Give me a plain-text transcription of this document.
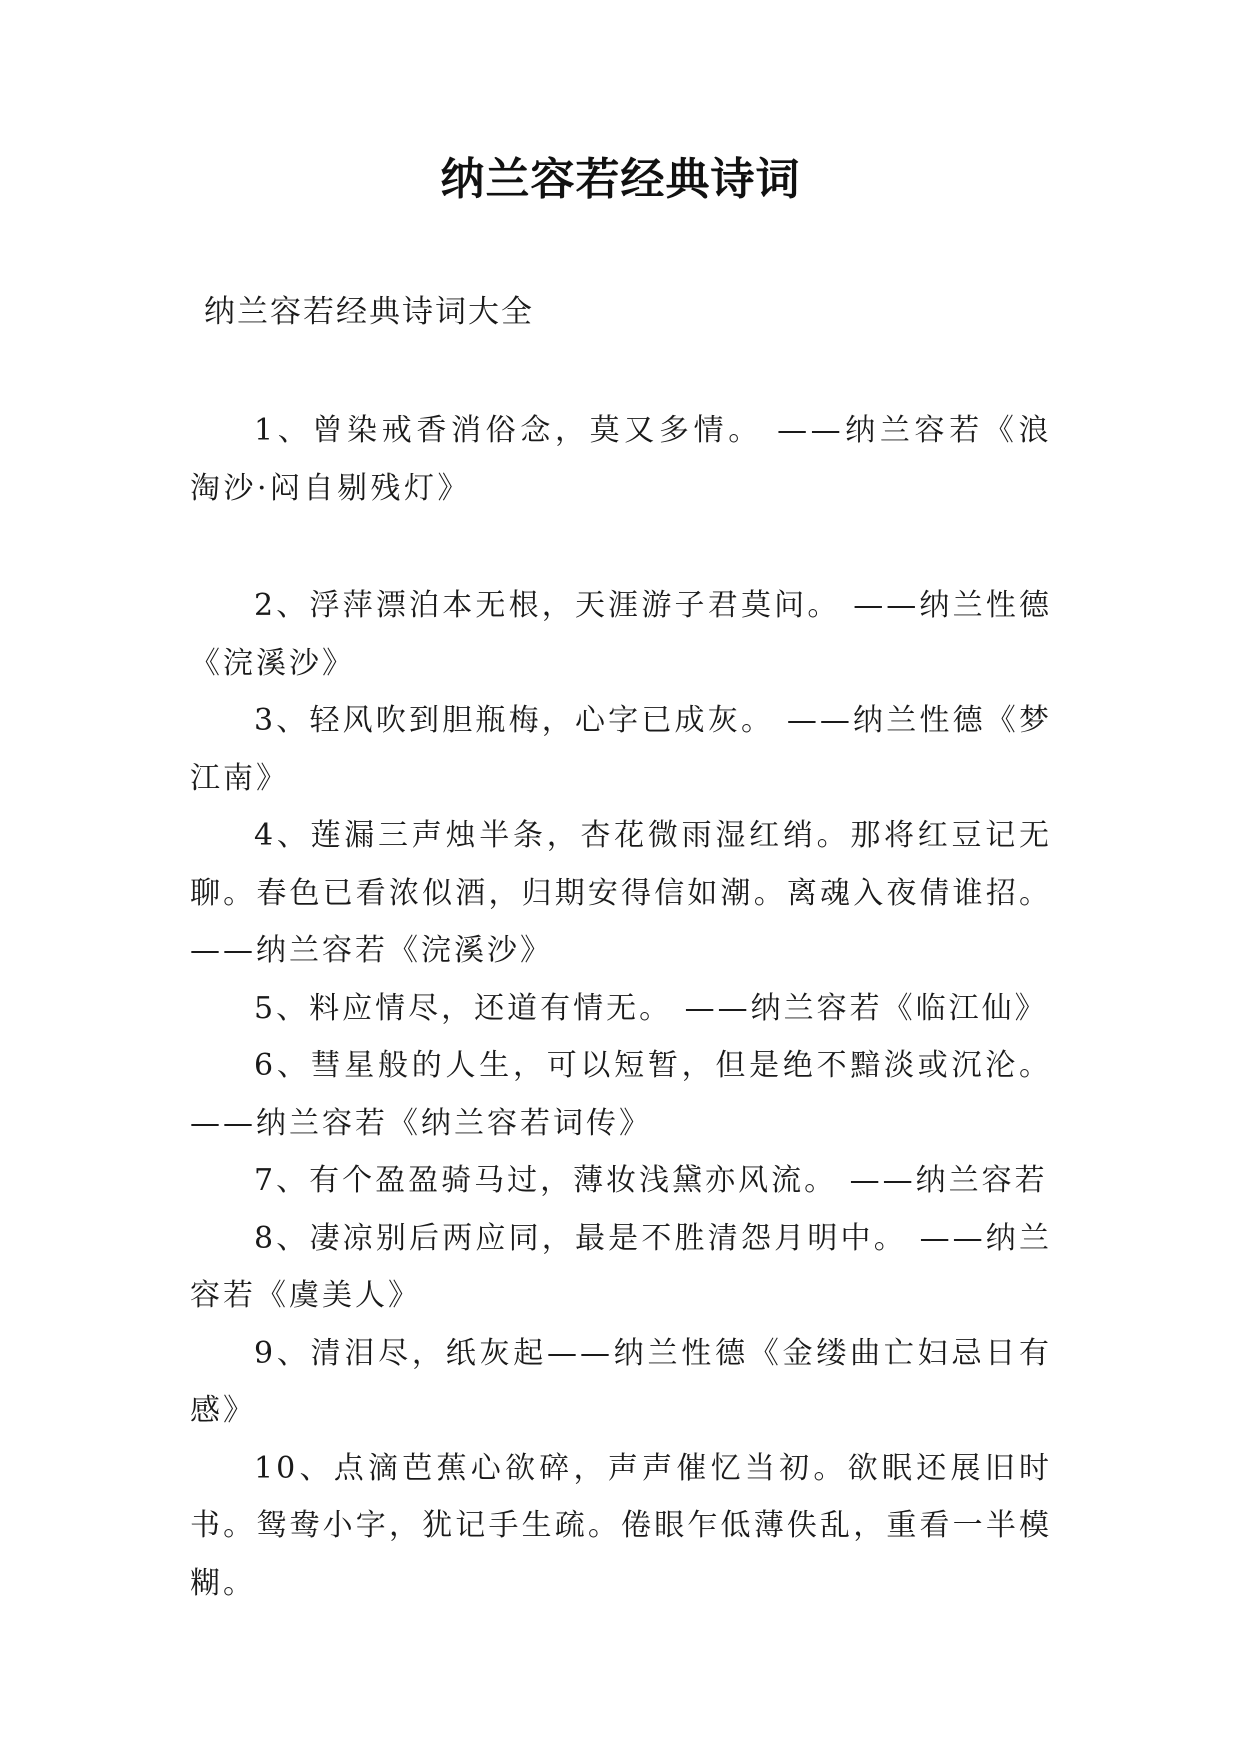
纳兰容若经典诗词
纳兰容若经典诗词大全

1、曾染戒香消俗念，莫又多情。 ——纳兰容若《浪淘沙·闷自剔残灯》

2、浮萍漂泊本无根，天涯游子君莫问。 ——纳兰性德《浣溪沙》

3、轻风吹到胆瓶梅，心字已成灰。 ——纳兰性德《梦江南》

4、莲漏三声烛半条，杏花微雨湿红绡。那将红豆记无聊。春色已看浓似酒，归期安得信如潮。离魂入夜倩谁招。——纳兰容若《浣溪沙》

5、料应情尽，还道有情无。 ——纳兰容若《临江仙》

6、彗星般的人生，可以短暂，但是绝不黯淡或沉沦。——纳兰容若《纳兰容若词传》

7、有个盈盈骑马过，薄妆浅黛亦风流。 ——纳兰容若

8、凄凉别后两应同，最是不胜清怨月明中。 ——纳兰容若《虞美人》

9、清泪尽，纸灰起——纳兰性德《金缕曲亡妇忌日有感》

10、点滴芭蕉心欲碎，声声催忆当初。欲眠还展旧时书。鸳鸯小字，犹记手生疏。倦眼乍低薄佚乱，重看一半模糊。
